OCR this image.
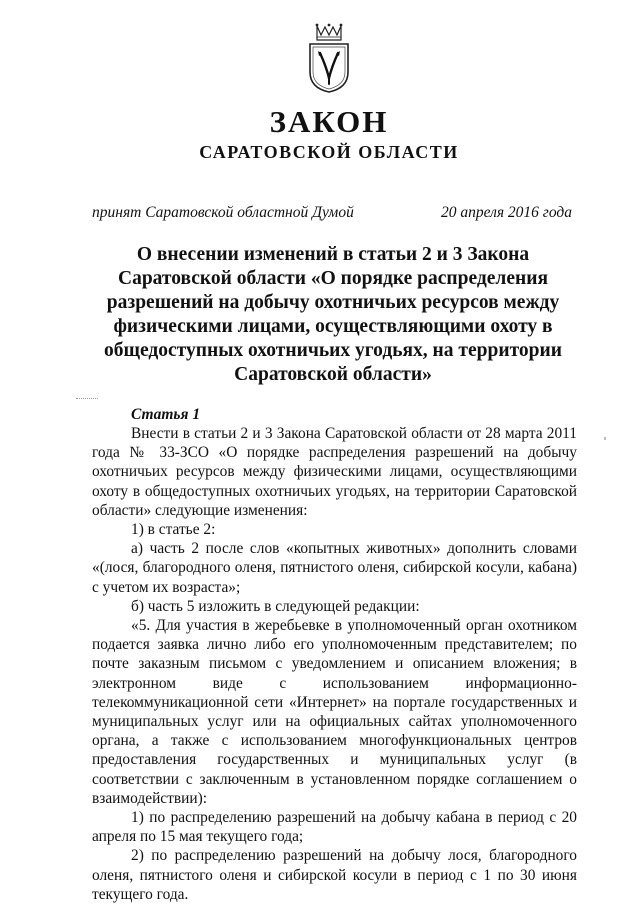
ЗАКОН
САРАТОВСКОЙ ОБЛАСТИ
принят Саратовской областной Думой	20 апреля 2016 года
О внесении изменений в статьи 2 и 3 Закона Саратовской области «О порядке распределения разрешений на добычу охотничьих ресурсов между физическими лицами, осуществляющими охоту в общедоступных охотничьих угодьях, на территории Саратовской области»
Статья 1

Внести в статьи 2 и 3 Закона Саратовской области от 28 марта 2011 года № 33-ЗСО «О порядке распределения разрешений на добычу охотничьих ресурсов между физическими лицами, осуществляющими охоту в общедоступных охотничьих угодьях, на территории Саратовской области» следующие изменения:

1) в статье 2:

а) часть 2 после слов «копытных животных» дополнить словами «(лося, благородного оленя, пятнистого оленя, сибирской косули, кабана) с учетом их возраста»;

б) часть 5 изложить в следующей редакции:

«5. Для участия в жеребьевке в уполномоченный орган охотником подается заявка лично либо его уполномоченным представителем; по почте заказным письмом с уведомлением и описанием вложения; в электронном виде с использованием информационно-телекоммуникационной сети «Интернет» на портале государственных и муниципальных услуг или на официальных сайтах уполномоченного органа, а также с использованием многофункциональных центров предоставления государственных и муниципальных услуг (в соответствии с заключенным в установленном порядке соглашением о взаимодействии):

1) по распределению разрешений на добычу кабана в период с 20 апреля по 15 мая текущего года;

2) по распределению разрешений на добычу лося, благородного оленя, пятнистого оленя и сибирской косули в период с 1 по 30 июня текущего года.
